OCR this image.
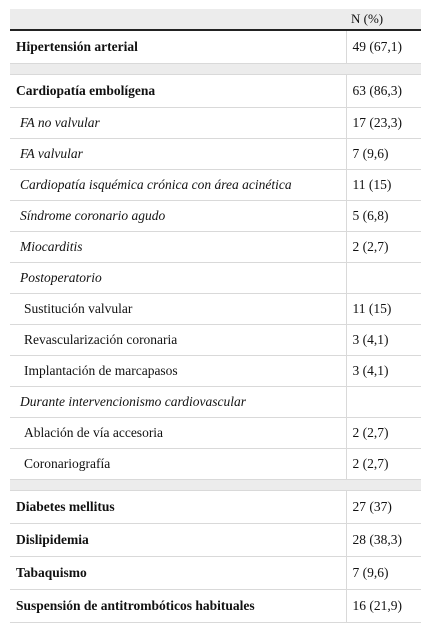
	N (%)
Hipertensión arterial	49 (67,1)

Cardiopatía embolígena	63 (86,3)
FA no valvular	17 (23,3)
FA valvular	7 (9,6)
Cardiopatía isquémica crónica con área acinética	11 (15)
Síndrome coronario agudo	5 (6,8)
Miocarditis	2 (2,7)
Postoperatorio	
Sustitución valvular	11 (15)
Revascularización coronaria	3 (4,1)
Implantación de marcapasos	3 (4,1)
Durante intervencionismo cardiovascular	
Ablación de vía accesoria	2 (2,7)
Coronariografía	2 (2,7)

Diabetes mellitus	27 (37)
Dislipidemia	28 (38,3)
Tabaquismo	7 (9,6)
Suspensión de antitrombóticos habituales	16 (21,9)
